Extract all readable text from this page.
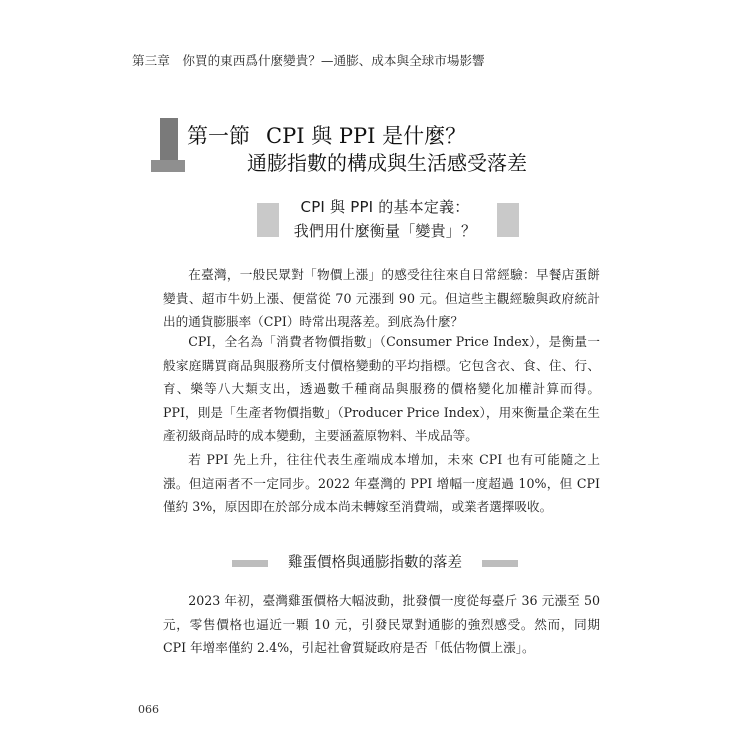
第三章　你買的東西爲什麼變貴？—通膨、成本與全球市場影響
第一節 CPI 與 PPI 是什麼？
通膨指數的構成與生活感受落差
CPI 與 PPI 的基本定義：
我們用什麼衡量「變貴」？

在臺灣，一般民眾對「物價上漲」的感受往往來自日常經驗：早餐店蛋餅變貴、超市牛奶上漲、便當從 70 元漲到 90 元。但這些主觀經驗與政府統計出的通貨膨脹率（CPI）時常出現落差。到底為什麼？

CPI，全名為「消費者物價指數」（Consumer Price Index），是衡量一般家庭購買商品與服務所支付價格變動的平均指標。它包含衣、食、住、行、育、樂等八大類支出，透過數千種商品與服務的價格變化加權計算而得。PPI，則是「生產者物價指數」（Producer Price Index），用來衡量企業在生產初級商品時的成本變動，主要涵蓋原物料、半成品等。

若 PPI 先上升，往往代表生產端成本增加，未來 CPI 也有可能隨之上漲。但這兩者不一定同步。2022 年臺灣的 PPI 增幅一度超過 10%，但 CPI 僅約 3%，原因即在於部分成本尚未轉嫁至消費端，或業者選擇吸收。

雞蛋價格與通膨指數的落差

2023 年初，臺灣雞蛋價格大幅波動，批發價一度從每臺斤 36 元漲至 50 元，零售價格也逼近一顆 10 元，引發民眾對通膨的強烈感受。然而，同期 CPI 年增率僅約 2.4%，引起社會質疑政府是否「低估物價上漲」。

066
